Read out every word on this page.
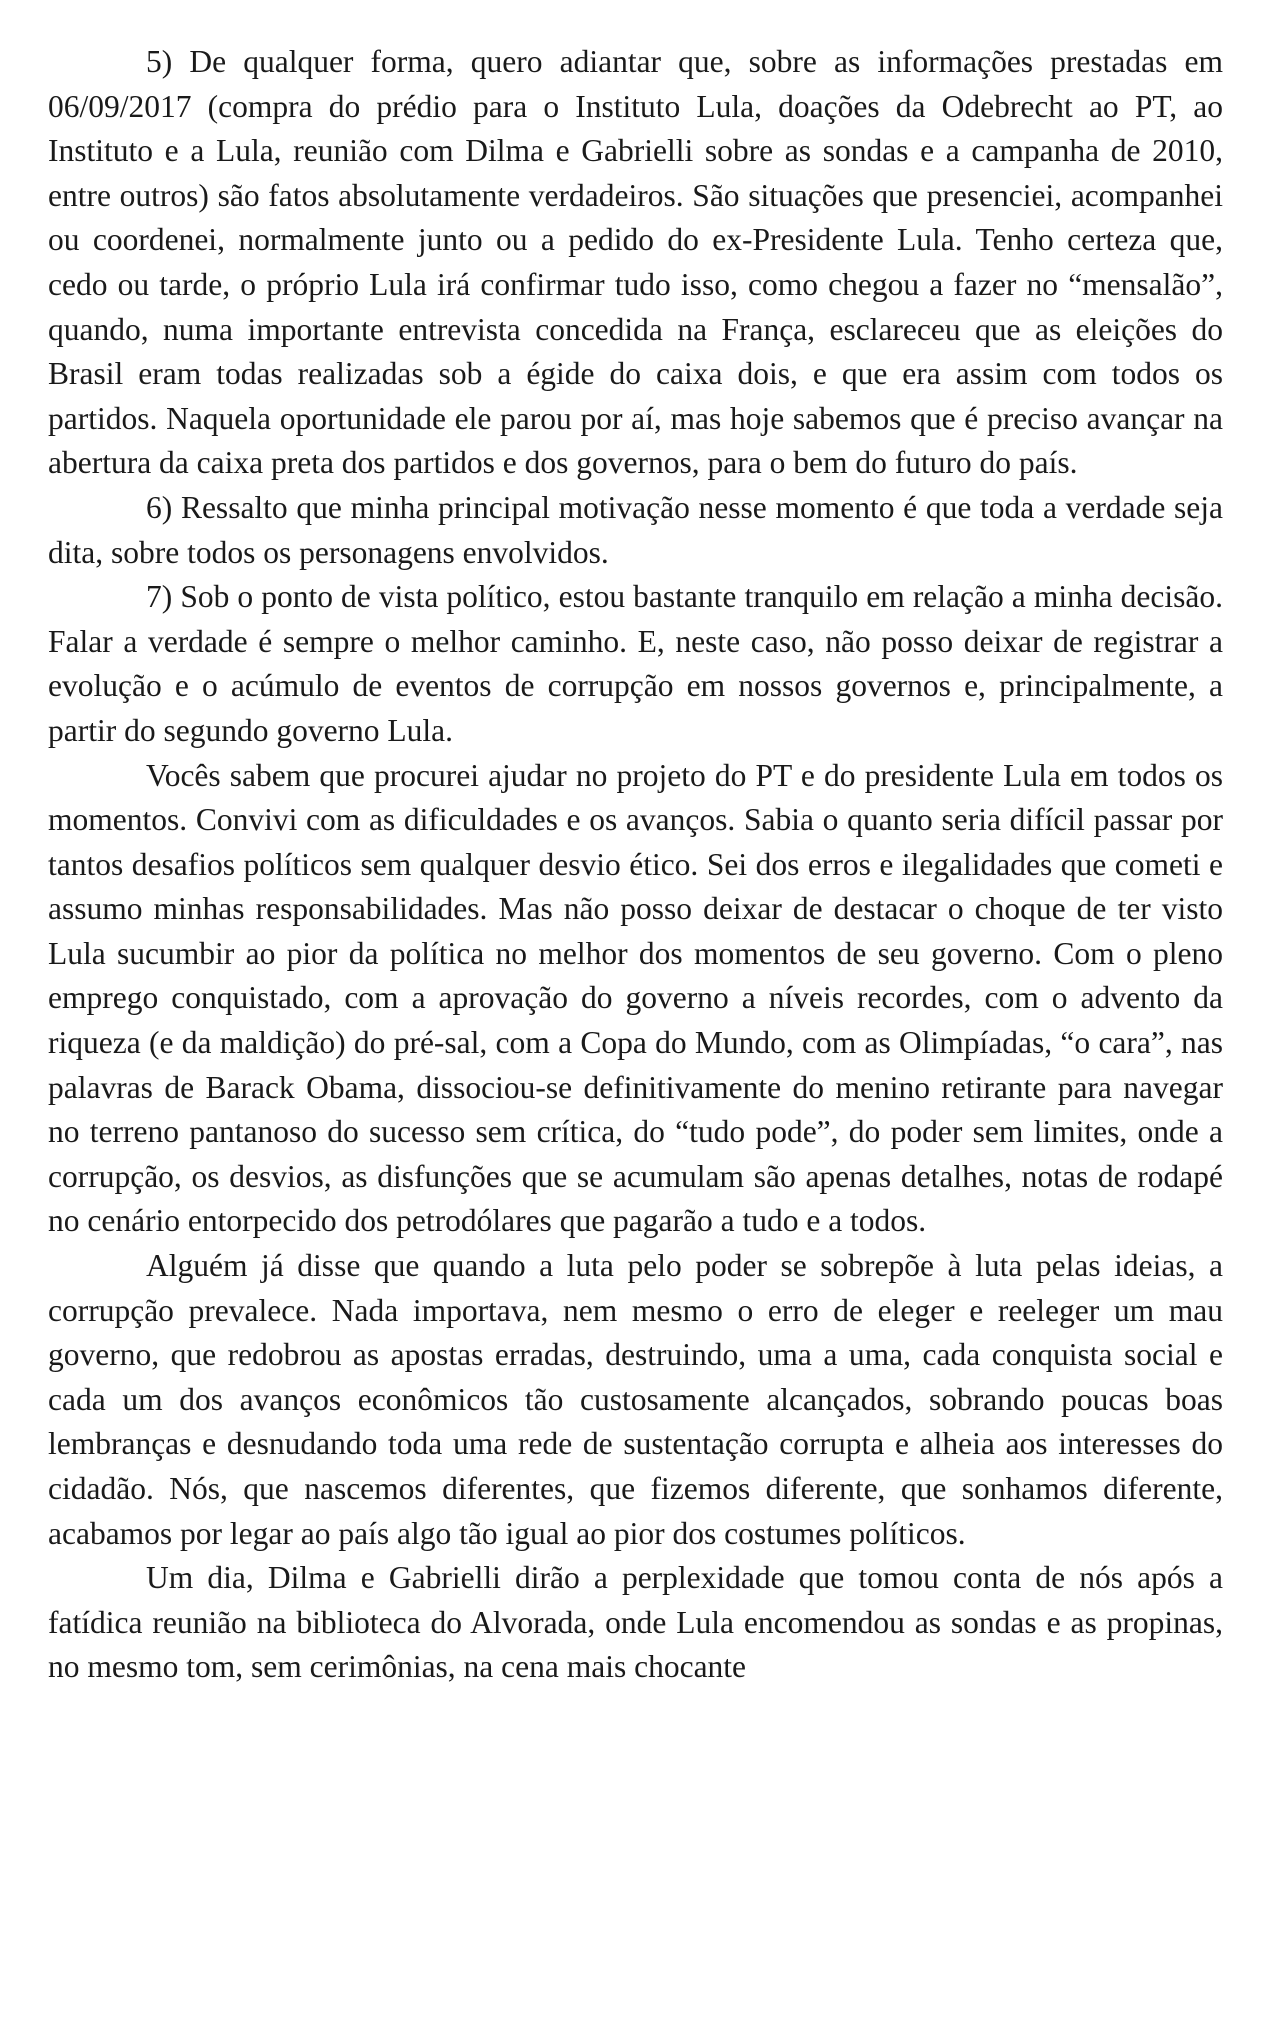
5) De qualquer forma, quero adiantar que, sobre as informações prestadas em 06/09/2017 (compra do prédio para o Instituto Lula, doações da Odebrecht ao PT, ao Instituto e a Lula, reunião com Dilma e Gabrielli sobre as sondas e a campanha de 2010, entre outros) são fatos absolutamente verdadeiros. São situações que presenciei, acompanhei ou coordenei, normalmente junto ou a pedido do ex-Presidente Lula. Tenho certeza que, cedo ou tarde, o próprio Lula irá confirmar tudo isso, como chegou a fazer no “mensalão”, quando, numa importante entrevista concedida na França, esclareceu que as eleições do Brasil eram todas realizadas sob a égide do caixa dois, e que era assim com todos os partidos. Naquela oportunidade ele parou por aí, mas hoje sabemos que é preciso avançar na abertura da caixa preta dos partidos e dos governos, para o bem do futuro do país.

6) Ressalto que minha principal motivação nesse momento é que toda a verdade seja dita, sobre todos os personagens envolvidos.

7) Sob o ponto de vista político, estou bastante tranquilo em relação a minha decisão. Falar a verdade é sempre o melhor caminho. E, neste caso, não posso deixar de registrar a evolução e o acúmulo de eventos de corrupção em nossos governos e, principalmente, a partir do segundo governo Lula.

Vocês sabem que procurei ajudar no projeto do PT e do presidente Lula em todos os momentos. Convivi com as dificuldades e os avanços. Sabia o quanto seria difícil passar por tantos desafios políticos sem qualquer desvio ético. Sei dos erros e ilegalidades que cometi e assumo minhas responsabilidades. Mas não posso deixar de destacar o choque de ter visto Lula sucumbir ao pior da política no melhor dos momentos de seu governo. Com o pleno emprego conquistado, com a aprovação do governo a níveis recordes, com o advento da riqueza (e da maldição) do pré-sal, com a Copa do Mundo, com as Olimpíadas, “o cara”, nas palavras de Barack Obama, dissociou-se definitivamente do menino retirante para navegar no terreno pantanoso do sucesso sem crítica, do “tudo pode”, do poder sem limites, onde a corrupção, os desvios, as disfunções que se acumulam são apenas detalhes, notas de rodapé no cenário entorpecido dos petrodólares que pagarão a tudo e a todos.

Alguém já disse que quando a luta pelo poder se sobrepõe à luta pelas ideias, a corrupção prevalece. Nada importava, nem mesmo o erro de eleger e reeleger um mau governo, que redobrou as apostas erradas, destruindo, uma a uma, cada conquista social e cada um dos avanços econômicos tão custosamente alcançados, sobrando poucas boas lembranças e desnudando toda uma rede de sustentação corrupta e alheia aos interesses do cidadão. Nós, que nascemos diferentes, que fizemos diferente, que sonhamos diferente, acabamos por legar ao país algo tão igual ao pior dos costumes políticos.

Um dia, Dilma e Gabrielli dirão a perplexidade que tomou conta de nós após a fatídica reunião na biblioteca do Alvorada, onde Lula encomendou as sondas e as propinas, no mesmo tom, sem cerimônias, na cena mais chocante
